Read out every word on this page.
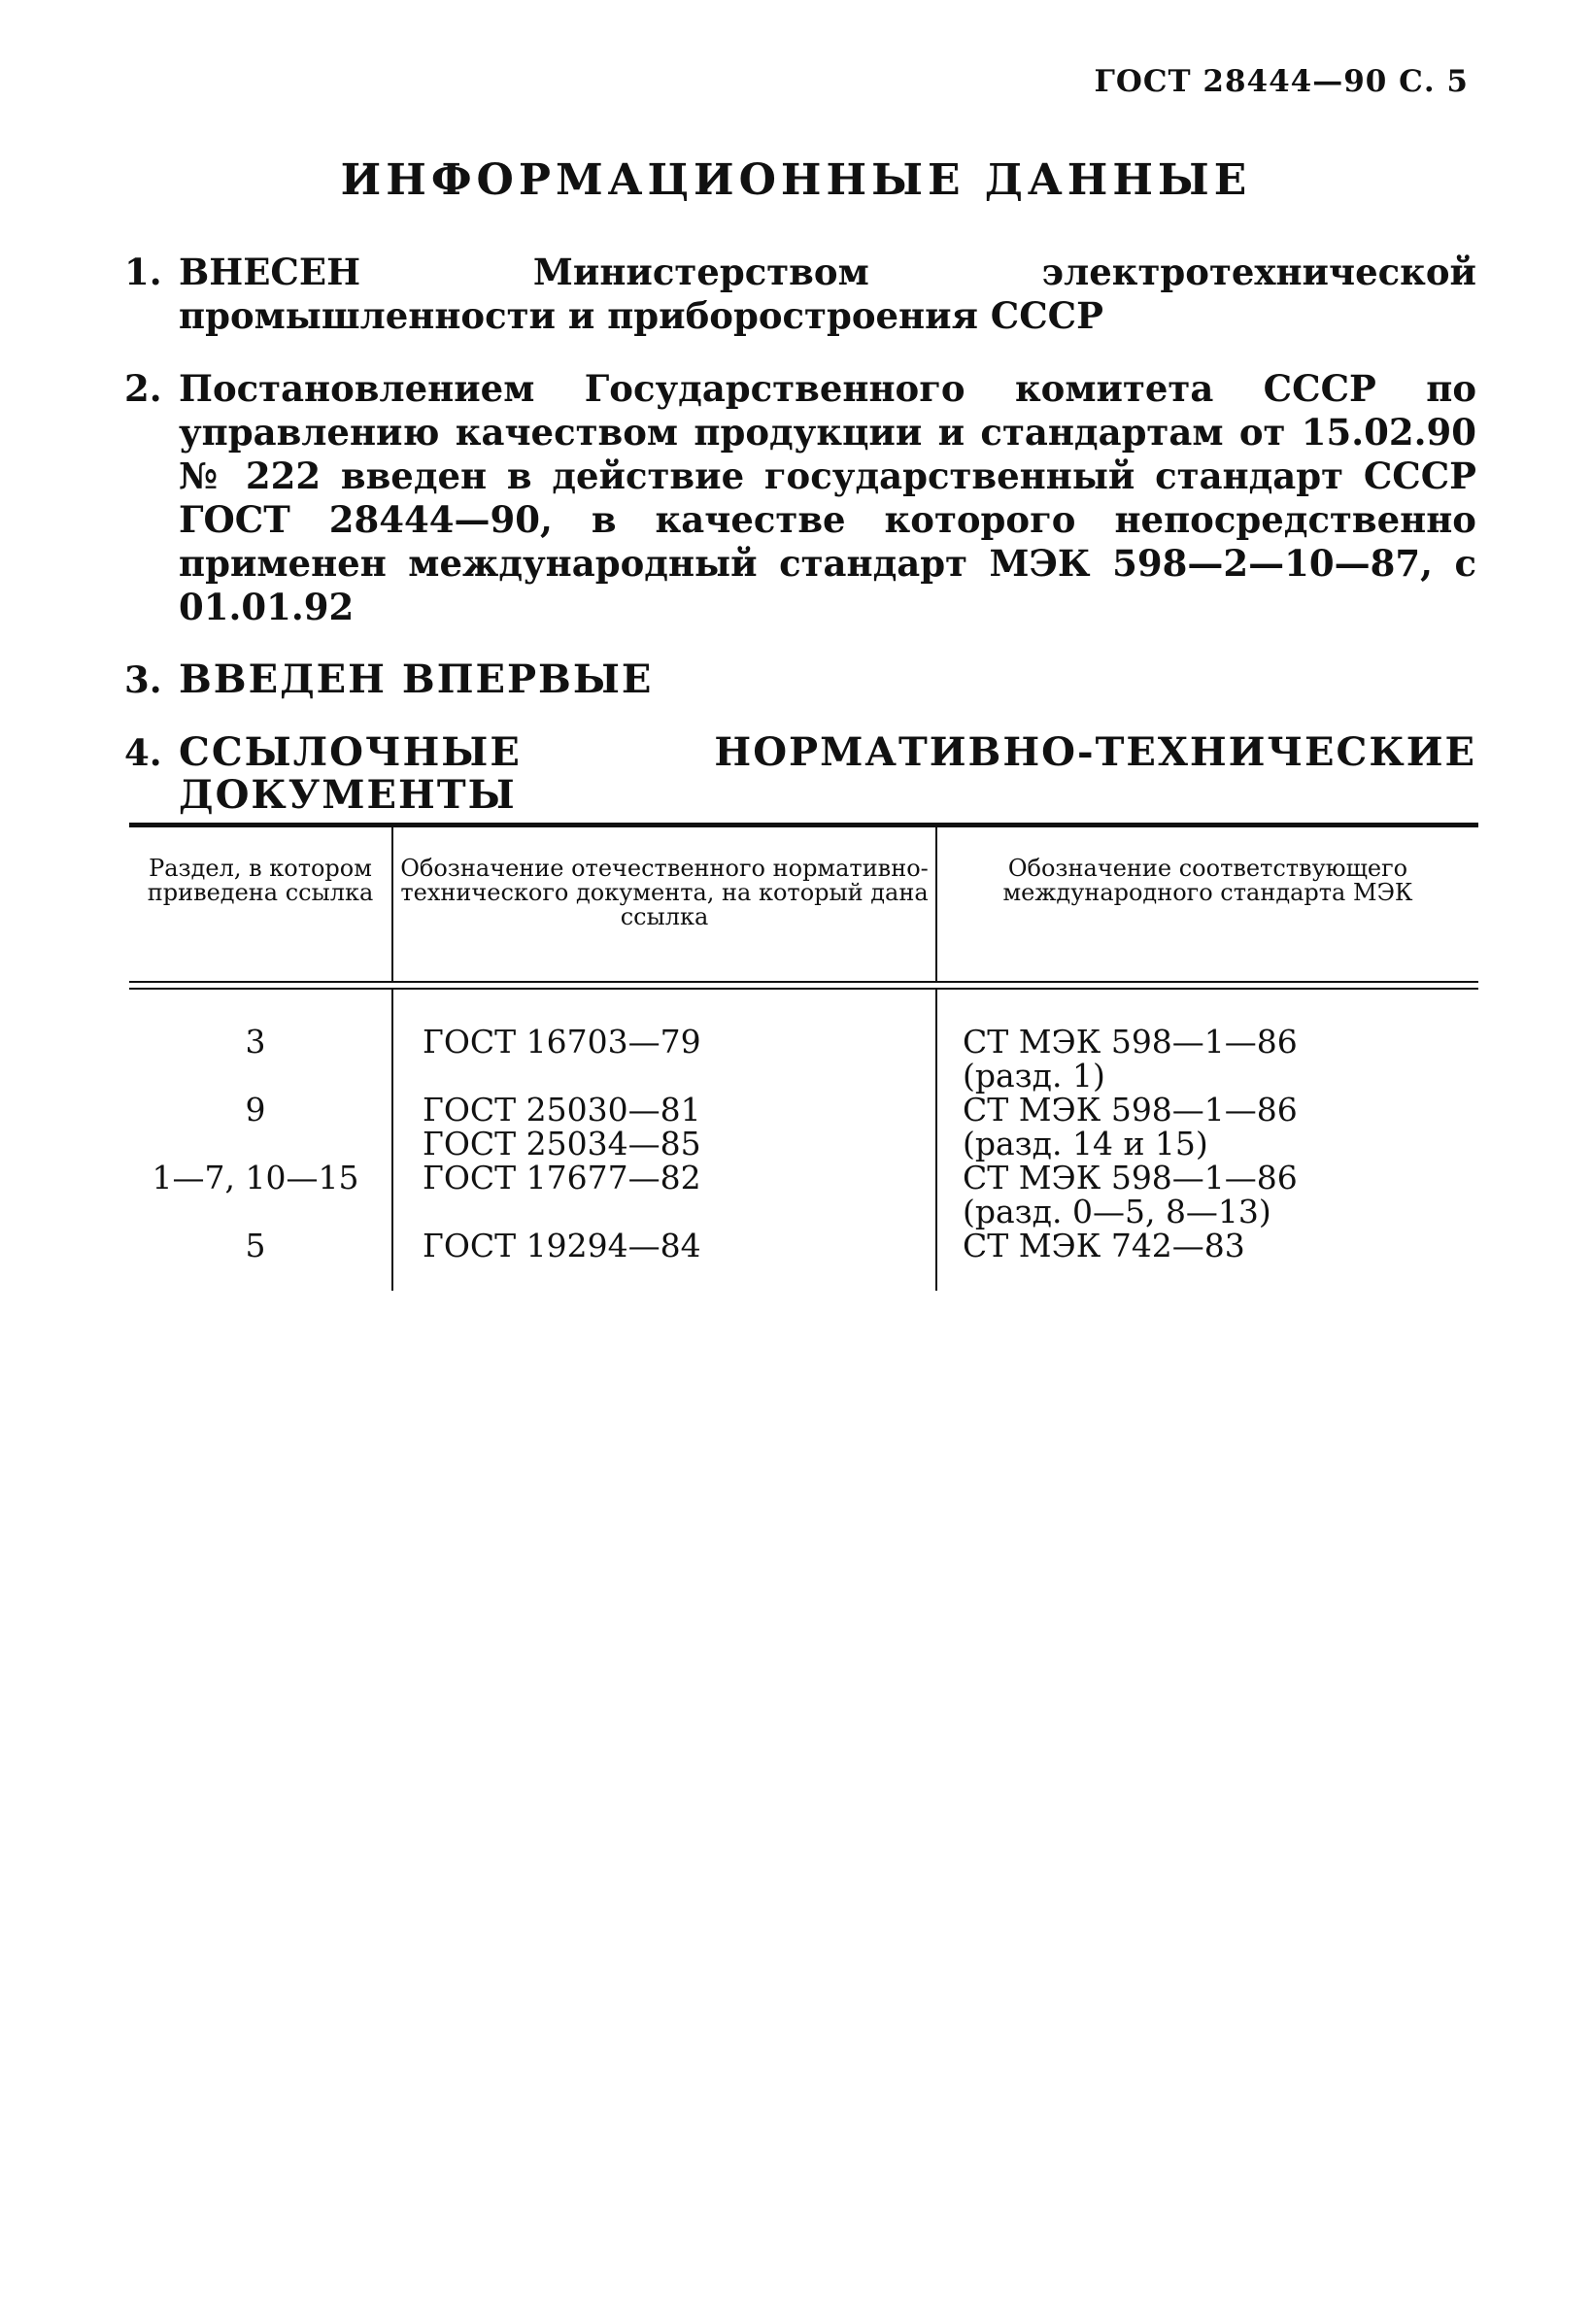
ГОСТ 28444—90 С. 5
ИНФОРМАЦИОННЫЕ ДАННЫЕ
1. ВНЕСЕН Министерством электротехнической промышленности и приборостроения СССР
2. Постановлением Государственного комитета СССР по управлению качеством продукции и стандартам от 15.02.90 № 222 введен в действие государственный стандарт СССР ГОСТ 28444—90, в качестве которого непосредственно применен международный стандарт МЭК 598—2—10—87, с 01.01.92
3. ВВЕДЕН ВПЕРВЫЕ
4. ССЫЛОЧНЫЕ НОРМАТИВНО-ТЕХНИЧЕСКИЕ ДОКУМЕНТЫ
Раздел, в котором приведена ссылка
Обозначение отечественного нормативно-технического документа, на который дана ссылка
Обозначение соответствующего международного стандарта МЭК
3
9
1—7, 10—15
5
ГОСТ 16703—79
ГОСТ 25030—81
ГОСТ 25034—85
ГОСТ 17677—82
ГОСТ 19294—84
СТ МЭК 598—1—86
(разд. 1)
СТ МЭК 598—1—86
(разд. 14 и 15)
СТ МЭК 598—1—86
(разд. 0—5, 8—13)
СТ МЭК 742—83
